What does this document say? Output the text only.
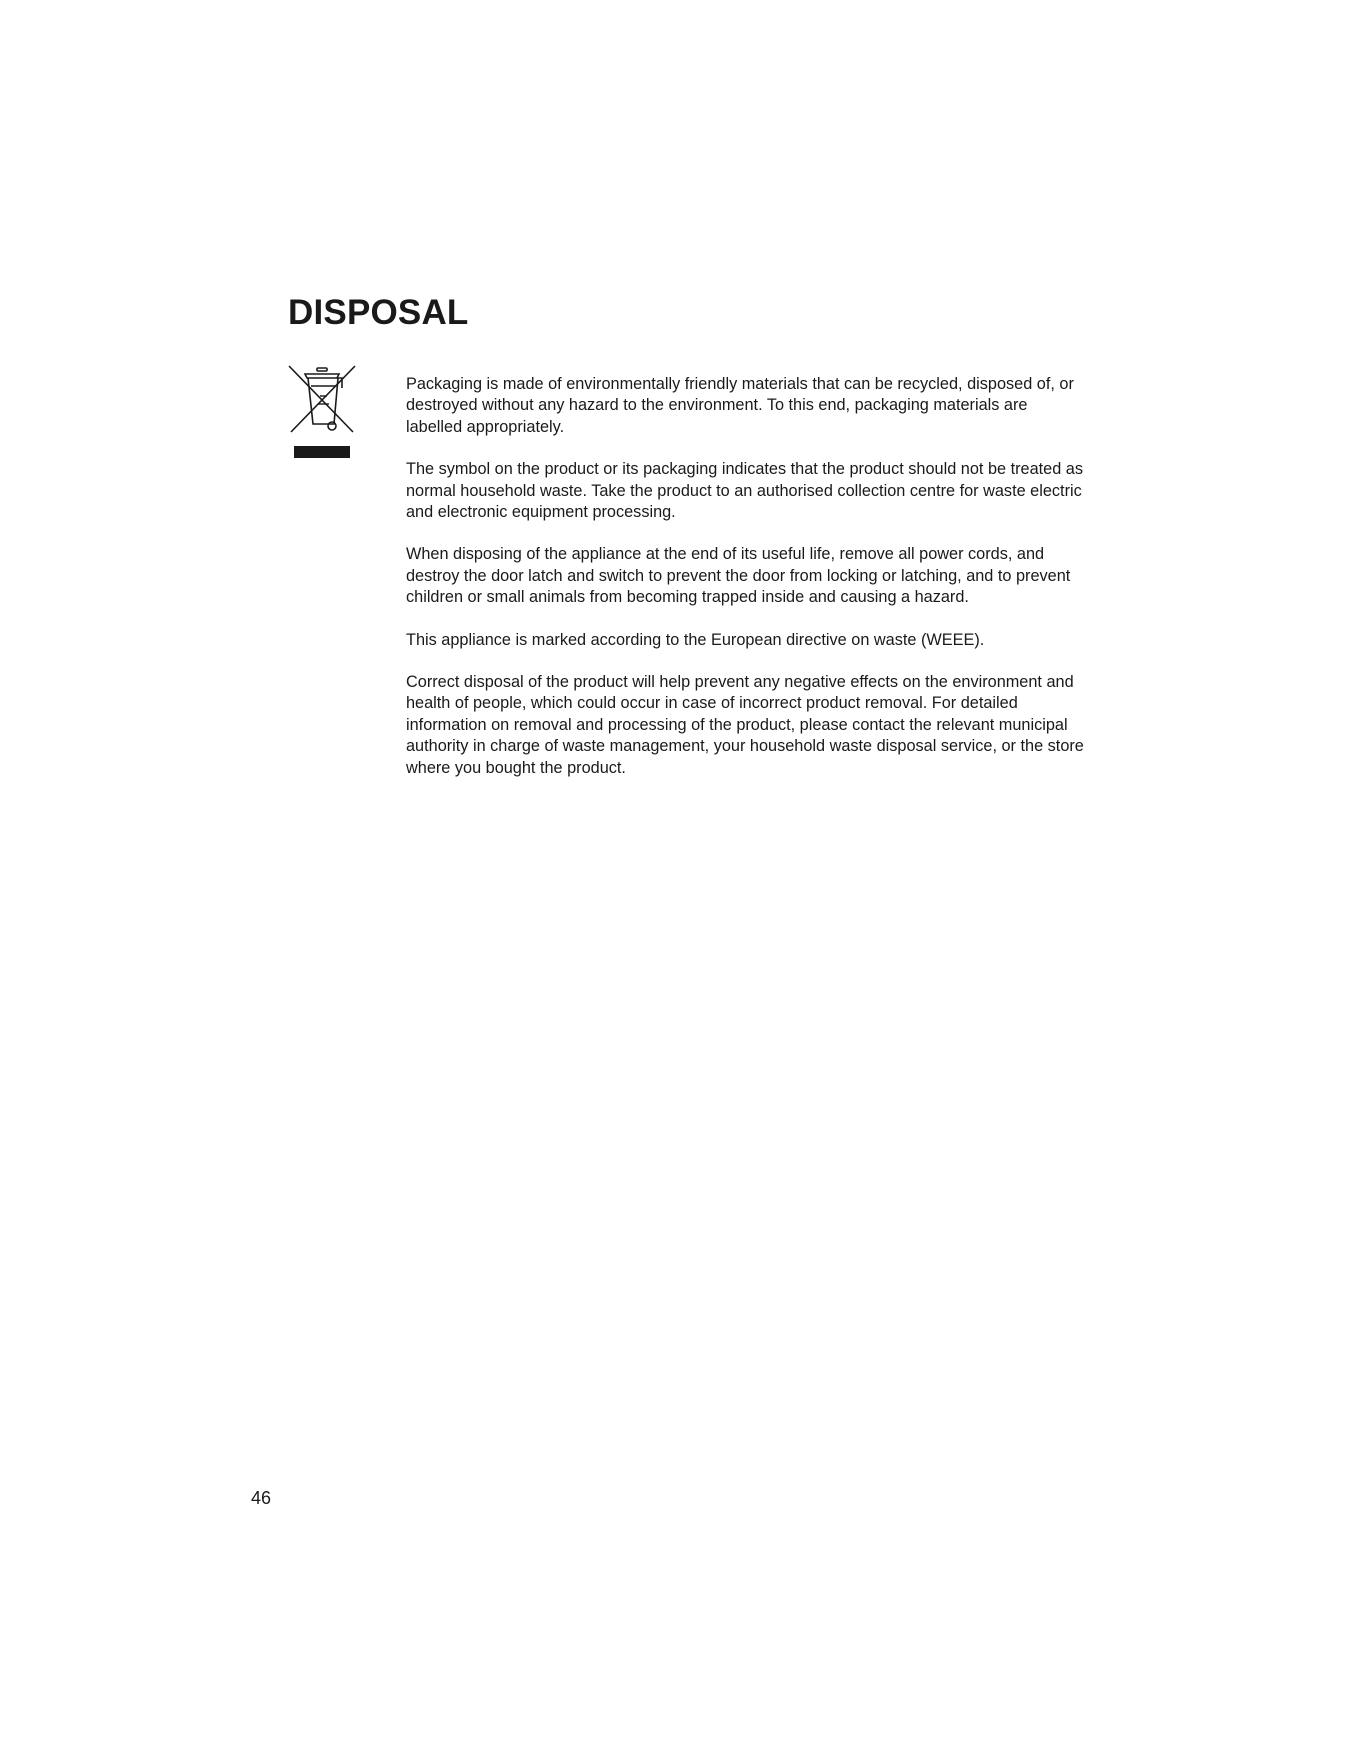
DISPOSAL

Packaging is made of environmentally friendly materials that can be recycled, disposed of, or destroyed without any hazard to the environment. To this end, packaging materials are labelled appropriately.

The symbol on the product or its packaging indicates that the product should not be treated as normal household waste. Take the product to an authorised collection centre for waste electric and electronic equipment processing.

When disposing of the appliance at the end of its useful life, remove all power cords, and destroy the door latch and switch to prevent the door from locking or latching, and to prevent children or small animals from becoming trapped inside and causing a hazard.

This appliance is marked according to the European directive on waste (WEEE).

Correct disposal of the product will help prevent any negative effects on the environment and health of people, which could occur in case of incorrect product removal. For detailed information on removal and processing of the product, please contact the relevant municipal authority in charge of waste management, your household waste disposal service, or the store where you bought the product.

46
